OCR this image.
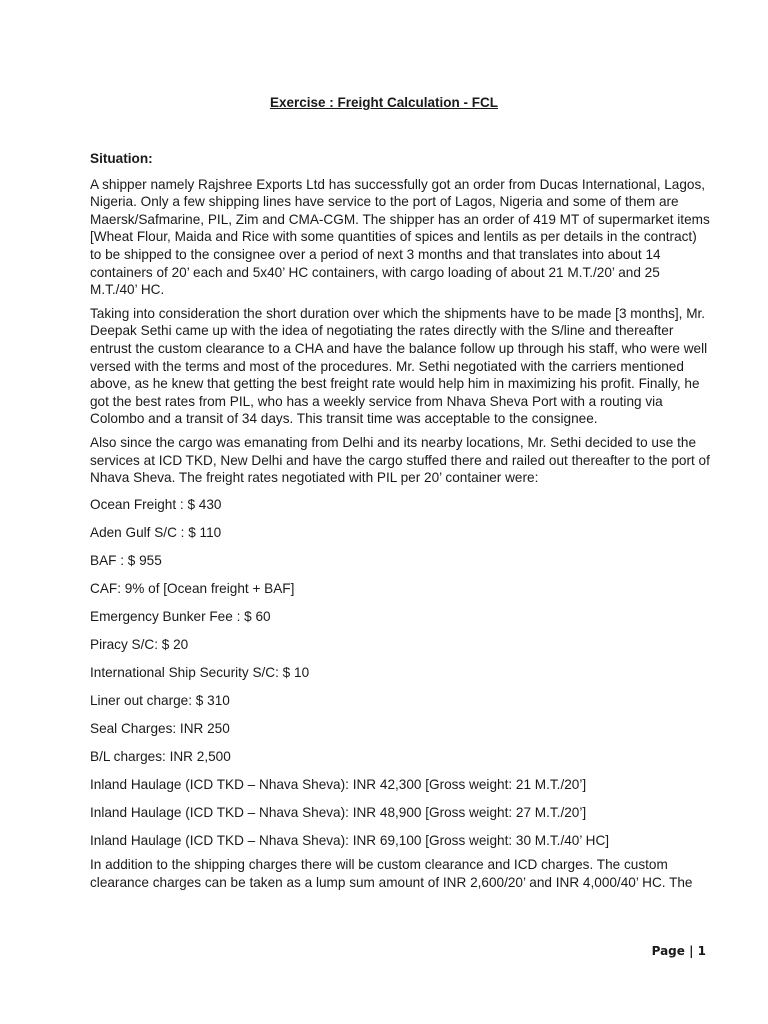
Exercise : Freight Calculation - FCL

Situation:

A shipper namely Rajshree Exports Ltd has successfully got an order from Ducas International, Lagos, Nigeria. Only a few shipping lines have service to the port of Lagos, Nigeria and some of them are Maersk/Safmarine, PIL, Zim and CMA-CGM. The shipper has an order of 419 MT of supermarket items [Wheat Flour, Maida and Rice with some quantities of spices and lentils as per details in the contract) to be shipped to the consignee over a period of next 3 months and that translates into about 14 containers of 20’ each and 5x40’ HC containers, with cargo loading of about 21 M.T./20’ and 25 M.T./40’ HC.

Taking into consideration the short duration over which the shipments have to be made [3 months], Mr. Deepak Sethi came up with the idea of negotiating the rates directly with the S/line and thereafter entrust the custom clearance to a CHA and have the balance follow up through his staff, who were well versed with the terms and most of the procedures. Mr. Sethi negotiated with the carriers mentioned above, as he knew that getting the best freight rate would help him in maximizing his profit. Finally, he got the best rates from PIL, who has a weekly service from Nhava Sheva Port with a routing via Colombo and a transit of 34 days. This transit time was acceptable to the consignee.

Also since the cargo was emanating from Delhi and its nearby locations, Mr. Sethi decided to use the services at ICD TKD, New Delhi and have the cargo stuffed there and railed out thereafter to the port of Nhava Sheva. The freight rates negotiated with PIL per 20’ container were:

Ocean Freight : $ 430

Aden Gulf S/C : $ 110

BAF : $ 955

CAF: 9% of [Ocean freight + BAF]

Emergency Bunker Fee : $ 60

Piracy S/C: $ 20

International Ship Security S/C: $ 10

Liner out charge: $ 310

Seal Charges: INR 250

B/L charges: INR 2,500

Inland Haulage (ICD TKD – Nhava Sheva): INR 42,300 [Gross weight: 21 M.T./20’]

Inland Haulage (ICD TKD – Nhava Sheva): INR 48,900 [Gross weight: 27 M.T./20’]

Inland Haulage (ICD TKD – Nhava Sheva): INR 69,100 [Gross weight: 30 M.T./40’ HC]

In addition to the shipping charges there will be custom clearance and ICD charges. The custom clearance charges can be taken as a lump sum amount of INR 2,600/20’ and INR 4,000/40’ HC. The

Page | 1
